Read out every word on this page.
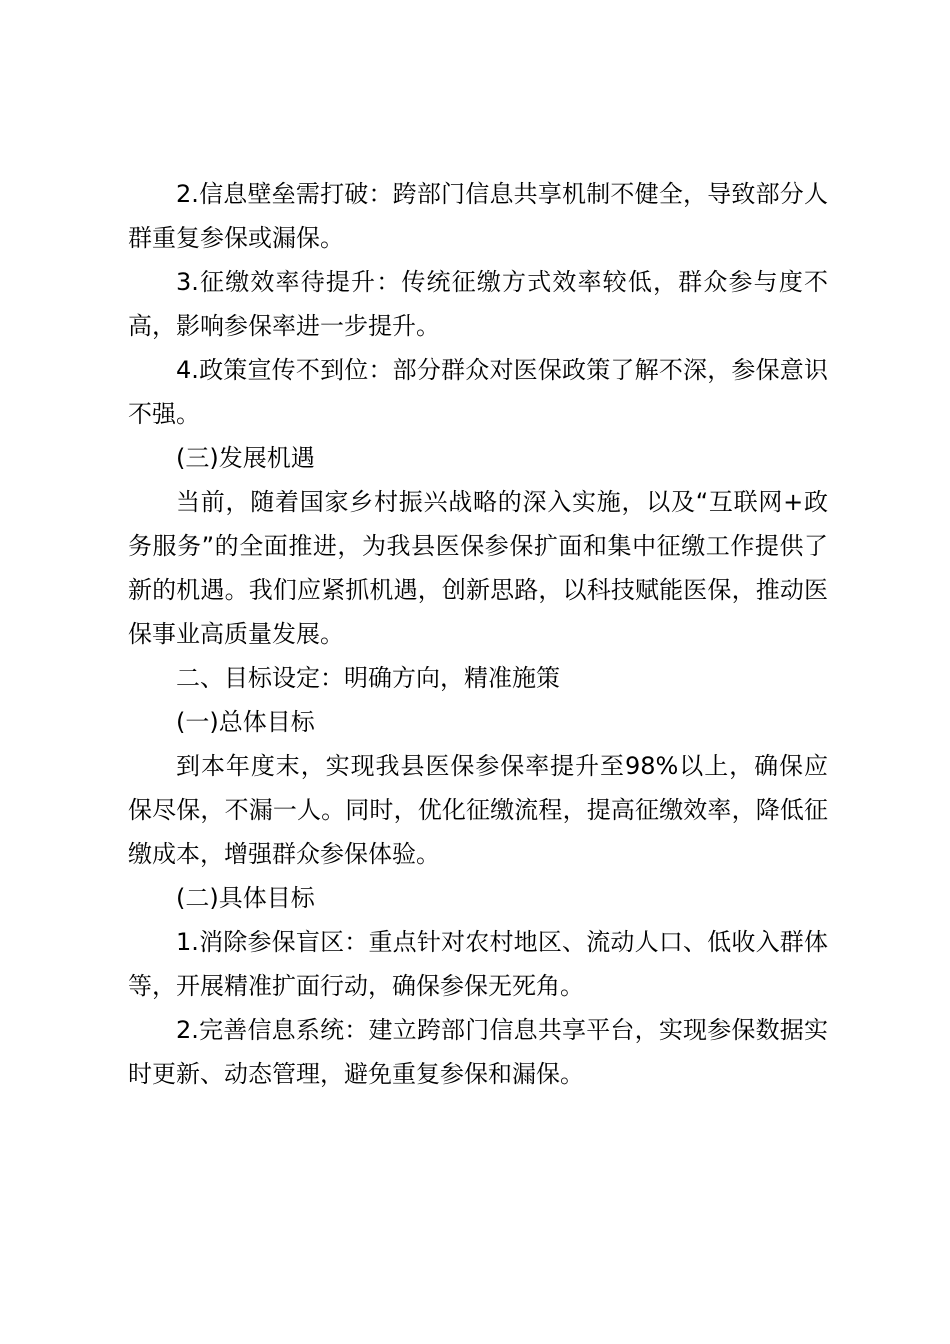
2.信息壁垒需打破：跨部门信息共享机制不健全，导致部分人群重复参保或漏保。

3.征缴效率待提升：传统征缴方式效率较低，群众参与度不高，影响参保率进一步提升。

4.政策宣传不到位：部分群众对医保政策了解不深，参保意识不强。

(三)发展机遇

当前，随着国家乡村振兴战略的深入实施，以及“互联网+政务服务”的全面推进，为我县医保参保扩面和集中征缴工作提供了新的机遇。我们应紧抓机遇，创新思路，以科技赋能医保，推动医保事业高质量发展。

二、目标设定：明确方向，精准施策

(一)总体目标

到本年度末，实现我县医保参保率提升至98%以上，确保应保尽保，不漏一人。同时，优化征缴流程，提高征缴效率，降低征缴成本，增强群众参保体验。

(二)具体目标

1.消除参保盲区：重点针对农村地区、流动人口、低收入群体等，开展精准扩面行动，确保参保无死角。

2.完善信息系统：建立跨部门信息共享平台，实现参保数据实时更新、动态管理，避免重复参保和漏保。
